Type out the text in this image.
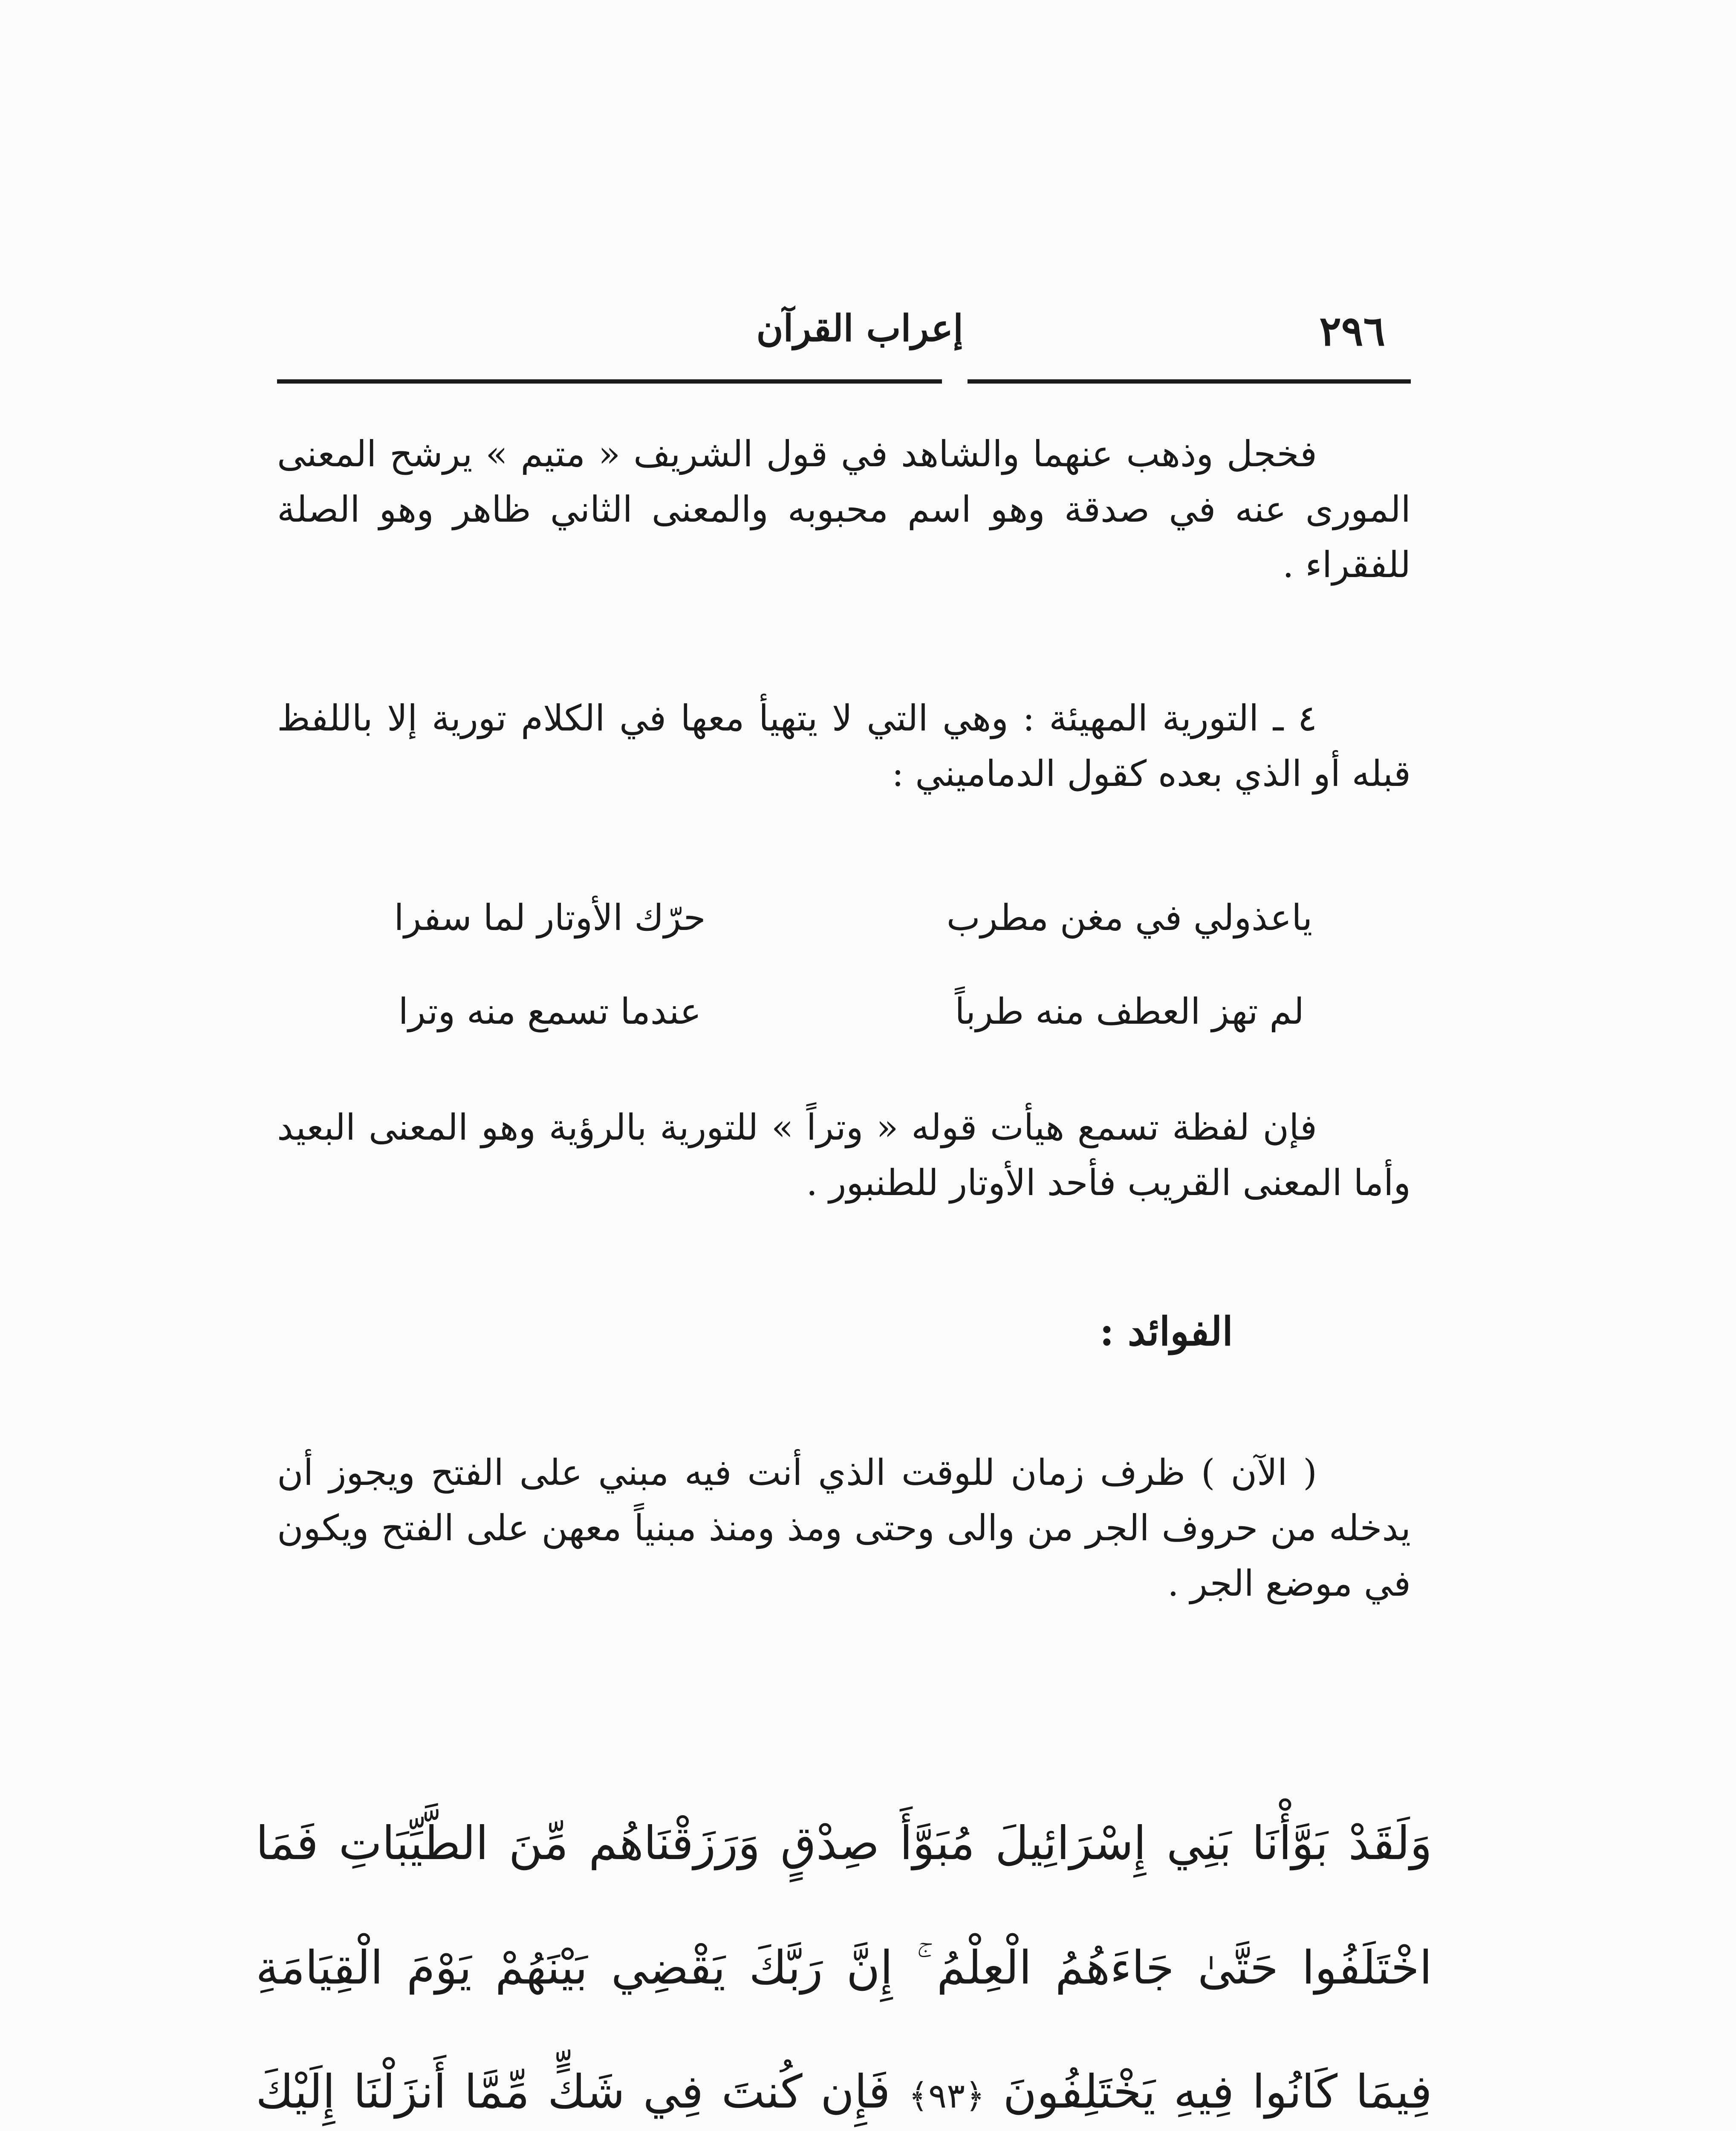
٢٩٦
إعراب القرآن

فخجل وذهب عنهما والشاهد في قول الشريف « متيم » يرشح المعنى المورى عنه في صدقة وهو اسم محبوبه والمعنى الثاني ظاهر وهو الصلة للفقراء .

٤ ـ التورية المهيئة : وهي التي لا يتهيأ معها في الكلام تورية إلا باللفظ قبله أو الذي بعده كقول الدماميني :

ياعذولي في مغن مطرب
حرّك الأوتار لما سفرا
لم تهز العطف منه طرباً
عندما تسمع منه وترا

فإن لفظة تسمع هيأت قوله « وتراً » للتورية بالرؤية وهو المعنى البعيد وأما المعنى القريب فأحد الأوتار للطنبور .

الفوائد :

( الآن ) ظرف زمان للوقت الذي أنت فيه مبني على الفتح ويجوز أن يدخله من حروف الجر من والى وحتى ومذ ومنذ مبنياً معهن على الفتح ويكون في موضع الجر .

وَلَقَدْ بَوَّأْنَا بَنِي إِسْرَائِيلَ مُبَوَّأَ صِدْقٍ وَرَزَقْنَاهُم مِّنَ الطَّيِّبَاتِ فَمَا اخْتَلَفُوا حَتَّىٰ جَاءَهُمُ الْعِلْمُ ۚ إِنَّ رَبَّكَ يَقْضِي بَيْنَهُمْ يَوْمَ الْقِيَامَةِ فِيمَا كَانُوا فِيهِ يَخْتَلِفُونَ ﴿٩٣﴾ فَإِن كُنتَ فِي شَكٍّ مِّمَّا أَنزَلْنَا إِلَيْكَ
